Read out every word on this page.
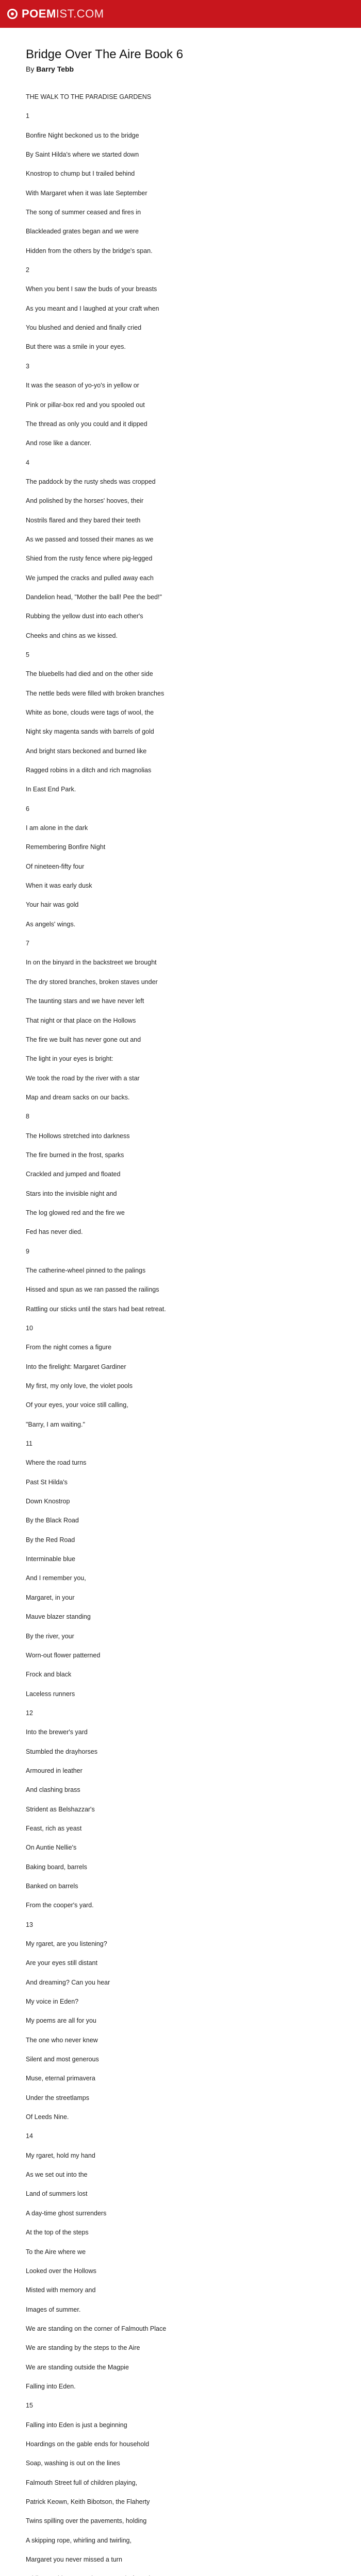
POEM IST.COM
Bridge Over The Aire Book 6

By Barry Tebb

THE WALK TO THE PARADISE GARDENS

1

Bonfire Night beckoned us to the bridge

By Saint Hilda's where we started down

Knostrop to chump but I trailed behind

With Margaret when it was late September

The song of summer ceased and fires in

Blackleaded grates began and we were

Hidden from the others by the bridge's span.

2

When you bent I saw the buds of your breasts

As you meant and I laughed at your craft when

You blushed and denied and finally cried

But there was a smile in your eyes.

3

It was the season of yo-yo's in yellow or

Pink or pillar-box red and you spooled out

The thread as only you could and it dipped

And rose like a dancer.

4

The paddock by the rusty sheds was cropped

And polished by the horses' hooves, their

Nostrils flared and they bared their teeth

As we passed and tossed their manes as we

Shied from the rusty fence where pig-legged

We jumped the cracks and pulled away each

Dandelion head, "Mother the ball! Pee the bed!"

Rubbing the yellow dust into each other's

Cheeks and chins as we kissed.

5

The bluebells had died and on the other side

The nettle beds were filled with broken branches

White as bone, clouds were tags of wool, the

Night sky magenta sands with barrels of gold

And bright stars beckoned and burned like

Ragged robins in a ditch and rich magnolias

In East End Park.

6

I am alone in the dark

Remembering Bonfire Night

Of nineteen-fifty four

When it was early dusk

Your hair was gold

As angels' wings.

7

In on the binyard in the backstreet we brought

The dry stored branches, broken staves under

The taunting stars and we have never left

That night or that place on the Hollows

The fire we built has never gone out and

The light in your eyes is bright:

We took the road by the river with a star

Map and dream sacks on our backs.

8

The Hollows stretched into darkness

The fire burned in the frost, sparks

Crackled and jumped and floated

Stars into the invisible night and

The log glowed red and the fire we

Fed has never died.

9

The catherine-wheel pinned to the palings

Hissed and spun as we ran passed the railings

Rattling our sticks until the stars had beat retreat.

10

From the night comes a figure

Into the firelight: Margaret Gardiner

My first, my only love, the violet pools

Of your eyes, your voice still calling,

"Barry, I am waiting."

11

Where the road turns

Past St Hilda's

Down Knostrop

By the Black Road

By the Red Road

Interminable blue

And I remember you,

Margaret, in your

Mauve blazer standing

By the river, your

Worn-out flower patterned

Frock and black

Laceless runners

12

Into the brewer's yard

Stumbled the drayhorses

Armoured in leather

And clashing brass

Strident as Belshazzar's

Feast, rich as yeast

On Auntie Nellie's

Baking board, barrels

Banked on barrels

From the cooper's yard.

13

My rgaret, are you listening?

Are your eyes still distant

And dreaming? Can you hear

My voice in Eden?

My poems are all for you

The one who never knew

Silent and most generous

Muse, eternal primavera

Under the streetlamps

Of Leeds Nine.

14

My rgaret, hold my hand

As we set out into the

Land of summers lost

A day-time ghost surrenders

At the top of the steps

To the Aire where we

Looked over the Hollows

Misted with memory and

Images of summer.

We are standing on the corner of Falmouth Place

We are standing by the steps to the Aire

We are standing outside the Magpie

Falling into Eden.

15

Falling into Eden is just a beginning

Hoardings on the gable ends for household

Soap, washing is out on the lines

Falmouth Street full of children playing,

Patrick Keown, Keith Bibotson, the Flaherty

Twins spilling over the pavements, holding

A skipping rope, whirling and twirling,

Margaret you never missed a turn
